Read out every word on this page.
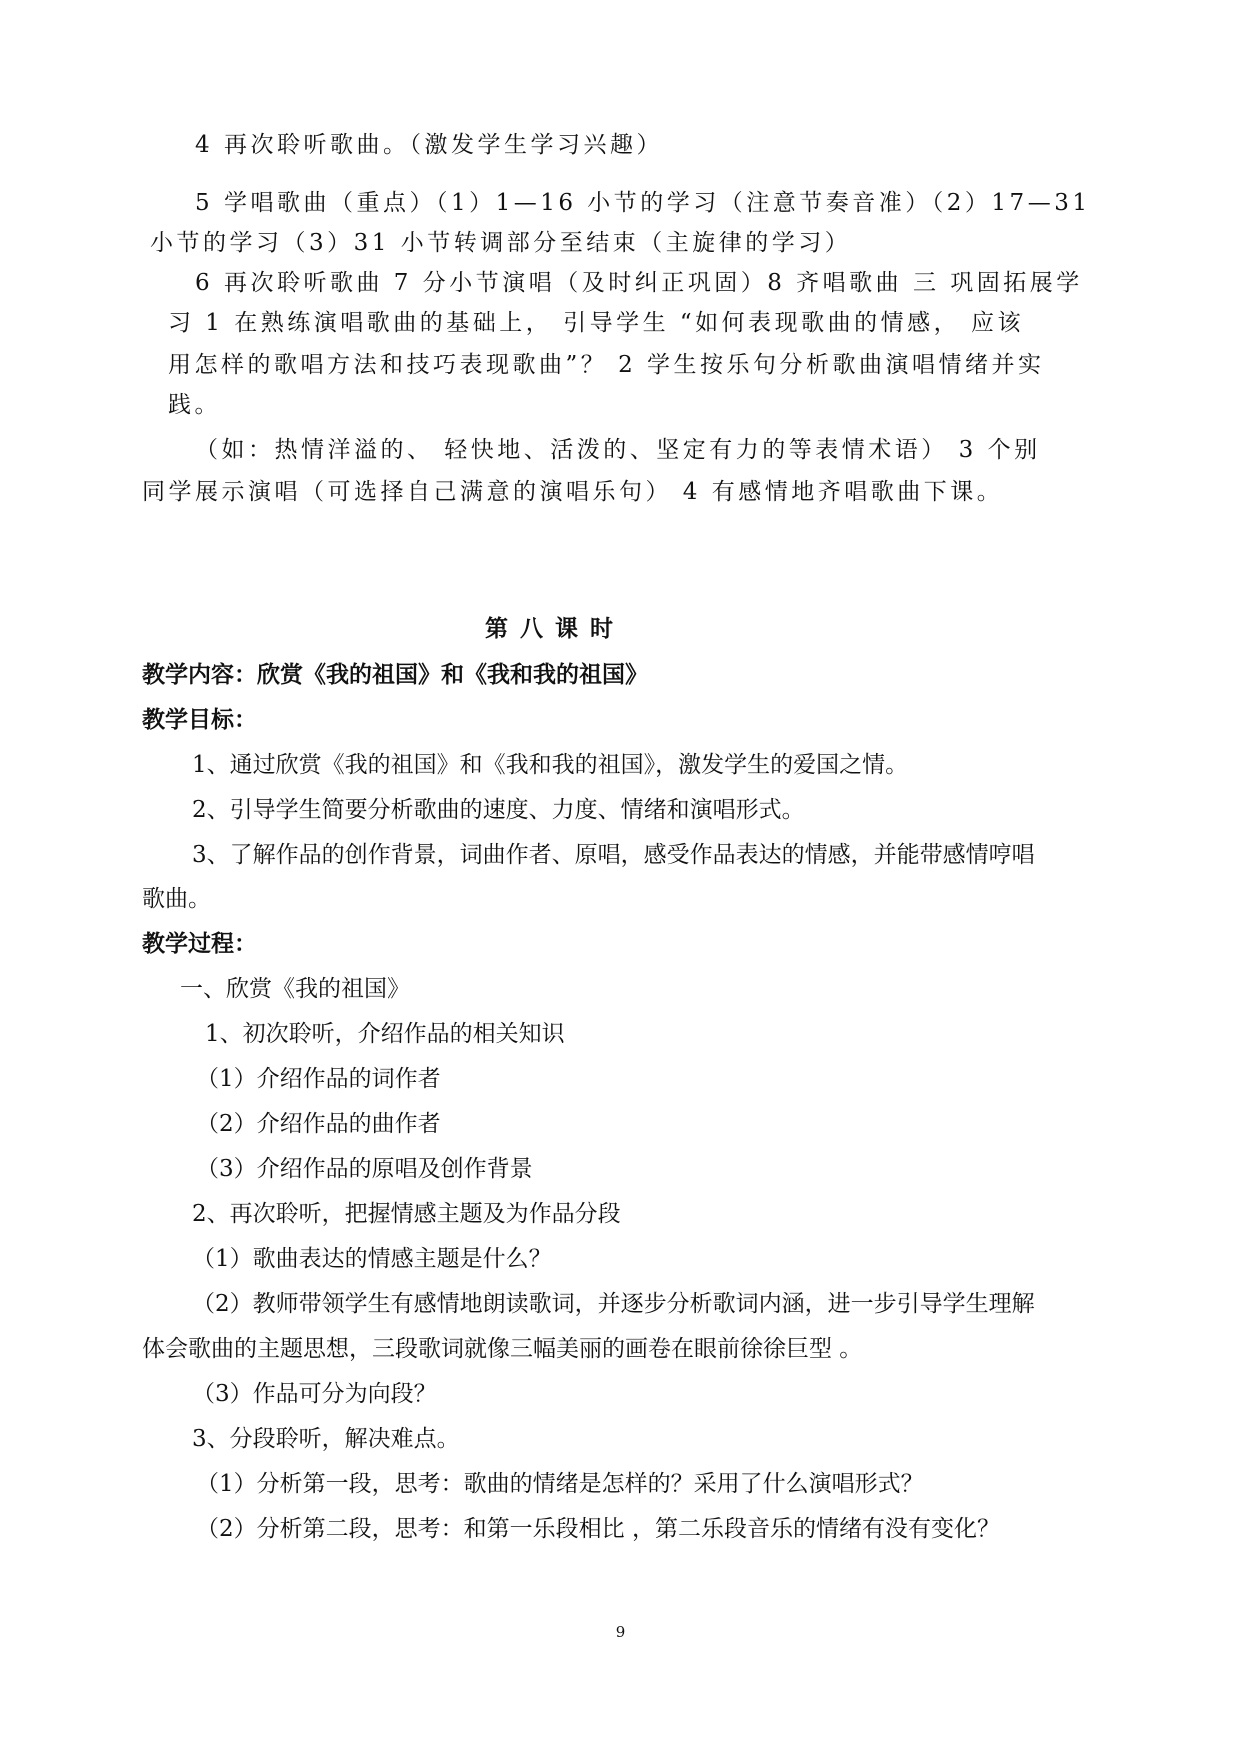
4 再次聆听歌曲。（激发学生学习兴趣）
5 学唱歌曲（重点）（1）1—16 小节的学习（注意节奏音准）（2）17—31
小节的学习（3）31 小节转调部分至结束（主旋律的学习）
6 再次聆听歌曲 7 分小节演唱（及时纠正巩固）8 齐唱歌曲 三 巩固拓展学
习 1 在熟练演唱歌曲的基础上， 引导学生 “如何表现歌曲的情感， 应该
用怎样的歌唱方法和技巧表现歌曲”？ 2 学生按乐句分析歌曲演唱情绪并实
践。
（如：热情洋溢的、 轻快地、活泼的、坚定有力的等表情术语） 3 个别
同学展示演唱（可选择自己满意的演唱乐句） 4 有感情地齐唱歌曲下课。
第 八 课 时
教学内容：欣赏《我的祖国》和《我和我的祖国》
教学目标：
1、通过欣赏《我的祖国》和《我和我的祖国》，激发学生的爱国之情。
2、引导学生简要分析歌曲的速度、力度、情绪和演唱形式。
3、了解作品的创作背景，词曲作者、原唱，感受作品表达的情感，并能带感情哼唱
歌曲。
教学过程：
一、欣赏《我的祖国》
1、初次聆听，介绍作品的相关知识
（1）介绍作品的词作者
（2）介绍作品的曲作者
（3）介绍作品的原唱及创作背景
2、再次聆听，把握情感主题及为作品分段
（1）歌曲表达的情感主题是什么？
（2）教师带领学生有感情地朗读歌词，并逐步分析歌词内涵，进一步引导学生理解
体会歌曲的主题思想，三段歌词就像三幅美丽的画卷在眼前徐徐巨型 。
（3）作品可分为向段？
3、分段聆听，解决难点。
（1）分析第一段，思考：歌曲的情绪是怎样的？采用了什么演唱形式？
（2）分析第二段，思考：和第一乐段相比 ，第二乐段音乐的情绪有没有变化？
9
